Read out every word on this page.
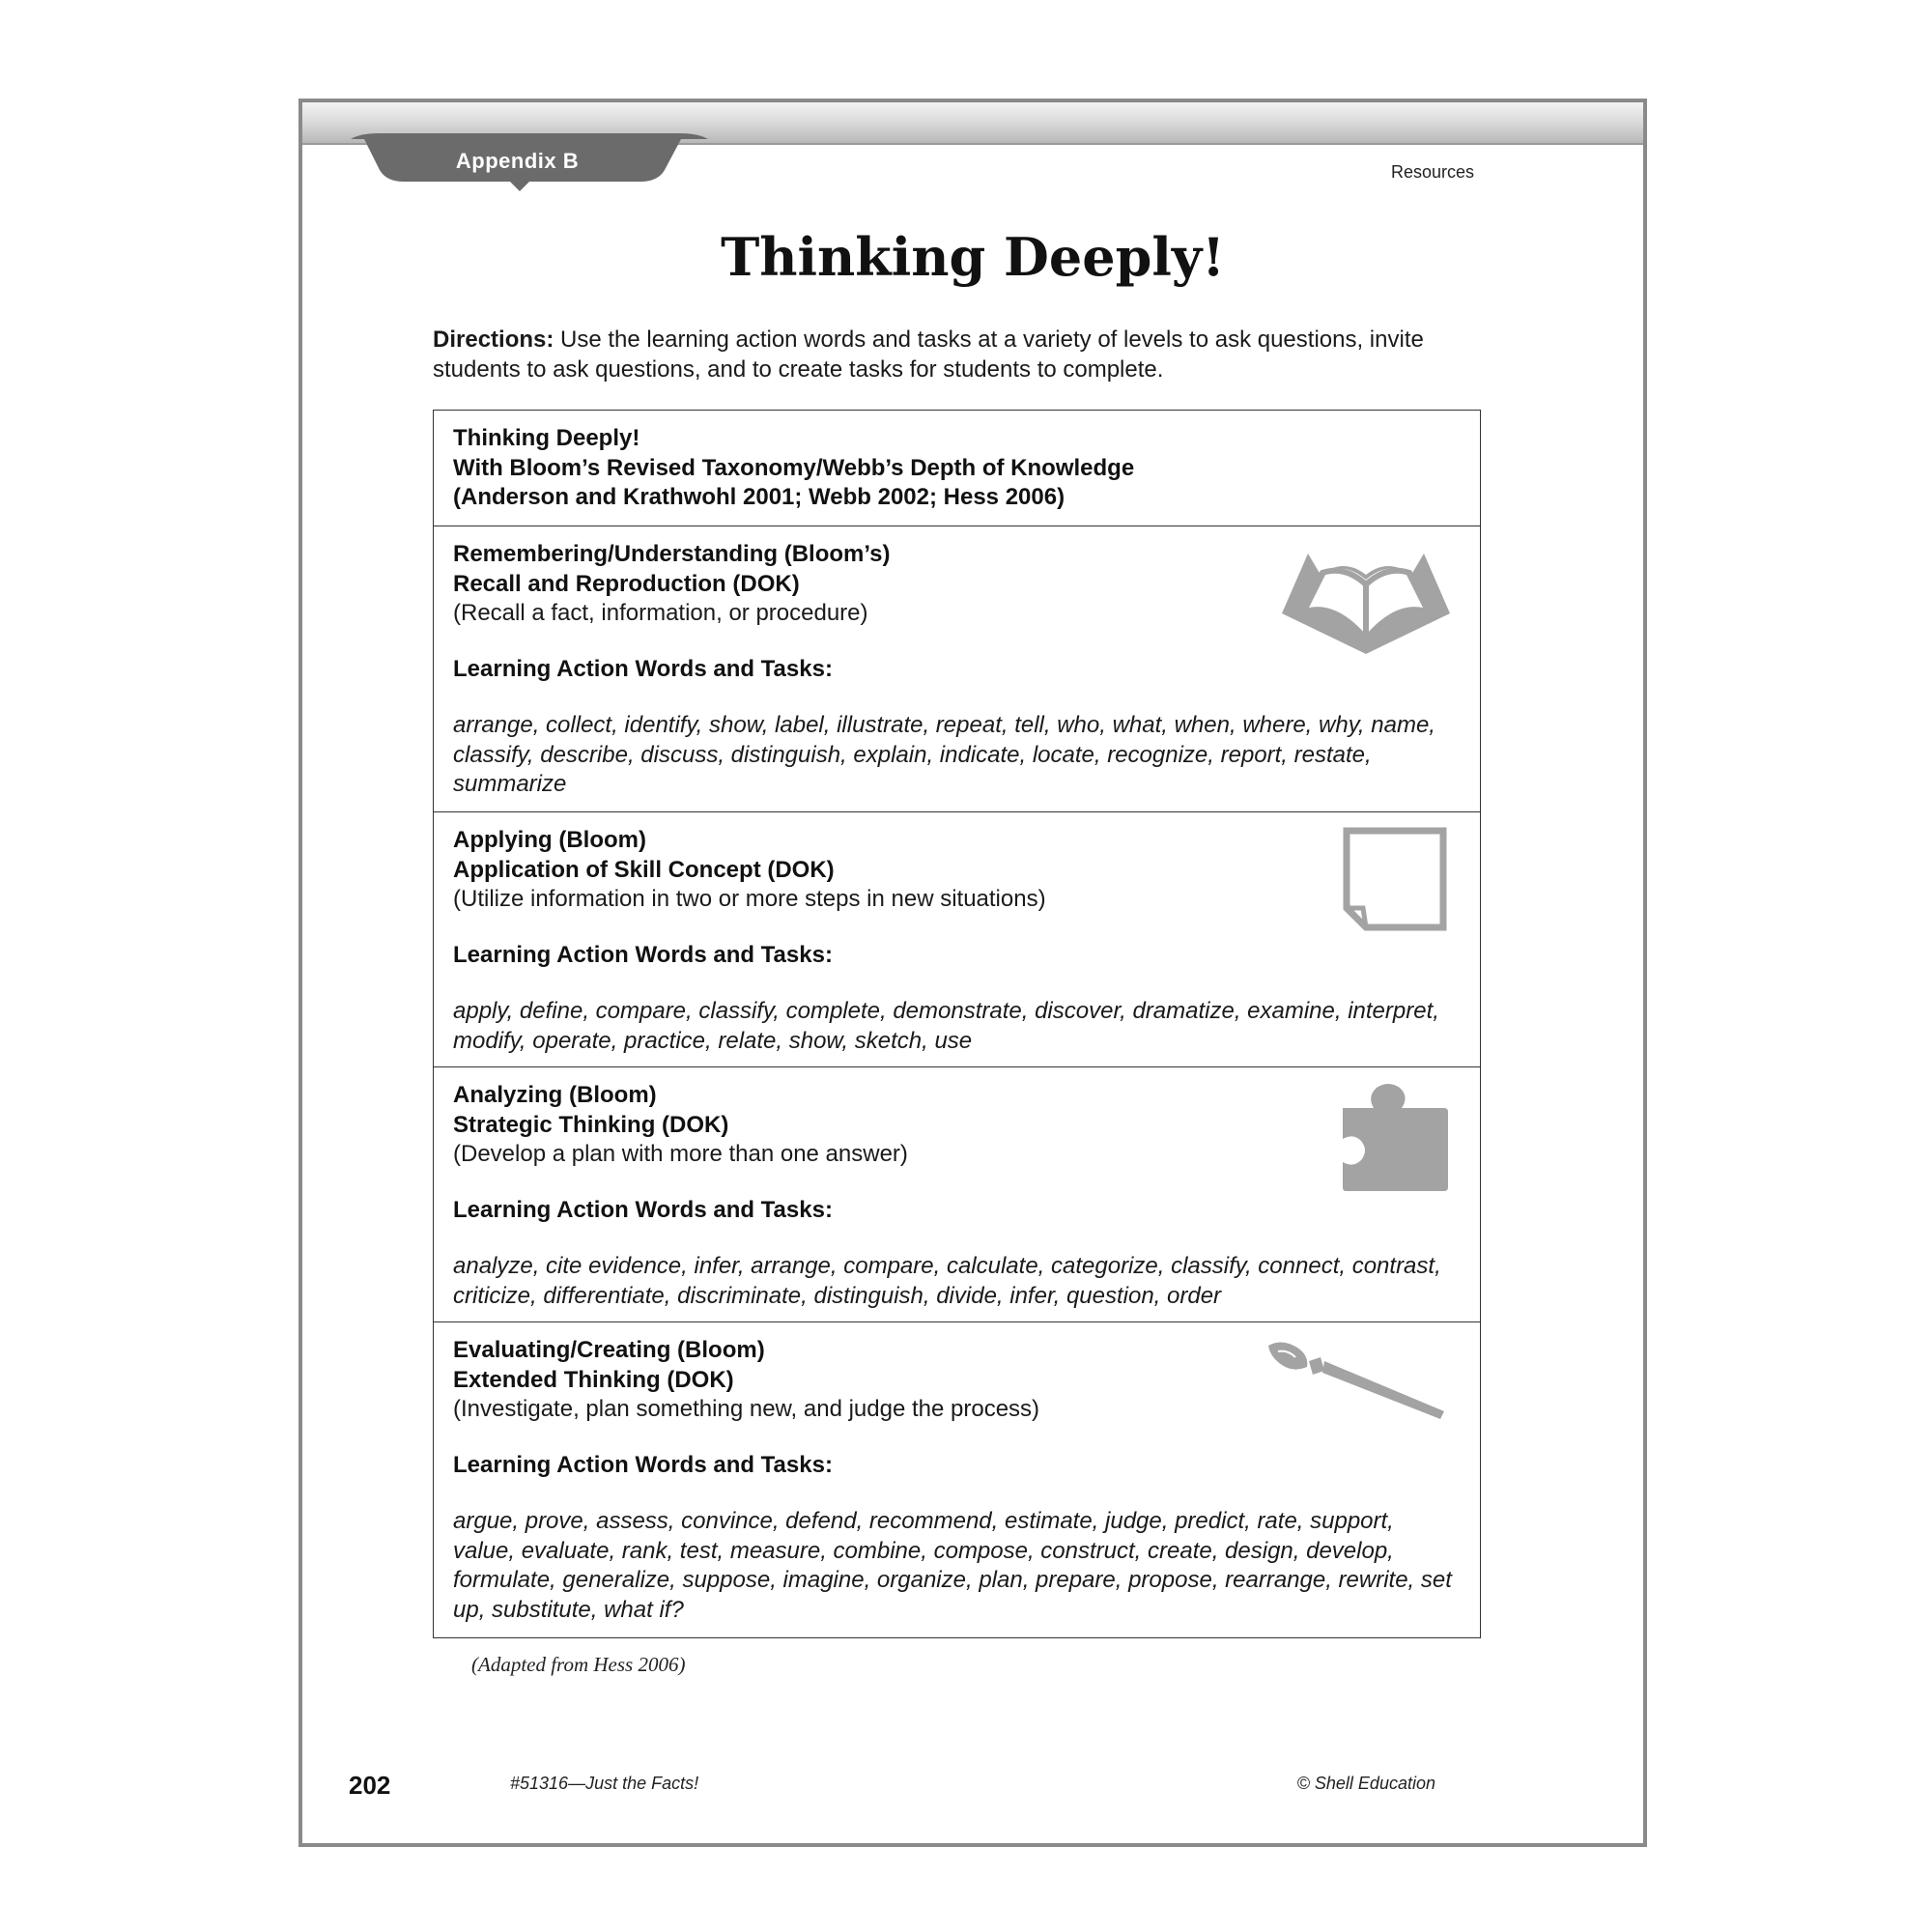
Appendix B	Resources
Thinking Deeply!
Directions: Use the learning action words and tasks at a variety of levels to ask questions, invite students to ask questions, and to create tasks for students to complete.
Thinking Deeply!
With Bloom’s Revised Taxonomy/Webb’s Depth of Knowledge
(Anderson and Krathwohl 2001; Webb 2002; Hess 2006)
Remembering/Understanding (Bloom’s)
Recall and Reproduction (DOK)
(Recall a fact, information, or procedure)
Learning Action Words and Tasks:
arrange, collect, identify, show, label, illustrate, repeat, tell, who, what, when, where, why, name, classify, describe, discuss, distinguish, explain, indicate, locate, recognize, report, restate, summarize
Applying (Bloom)
Application of Skill Concept (DOK)
(Utilize information in two or more steps in new situations)
Learning Action Words and Tasks:
apply, define, compare, classify, complete, demonstrate, discover, dramatize, examine, interpret, modify, operate, practice, relate, show, sketch, use
Analyzing (Bloom)
Strategic Thinking (DOK)
(Develop a plan with more than one answer)
Learning Action Words and Tasks:
analyze, cite evidence, infer, arrange, compare, calculate, categorize, classify, connect, contrast, criticize, differentiate, discriminate, distinguish, divide, infer, question, order
Evaluating/Creating (Bloom)
Extended Thinking (DOK)
(Investigate, plan something new, and judge the process)
Learning Action Words and Tasks:
argue, prove, assess, convince, defend, recommend, estimate, judge, predict, rate, support, value, evaluate, rank, test, measure, combine, compose, construct, create, design, develop, formulate, generalize, suppose, imagine, organize, plan, prepare, propose, rearrange, rewrite, set up, substitute, what if?
(Adapted from Hess 2006)
202	#51316—Just the Facts!	© Shell Education
